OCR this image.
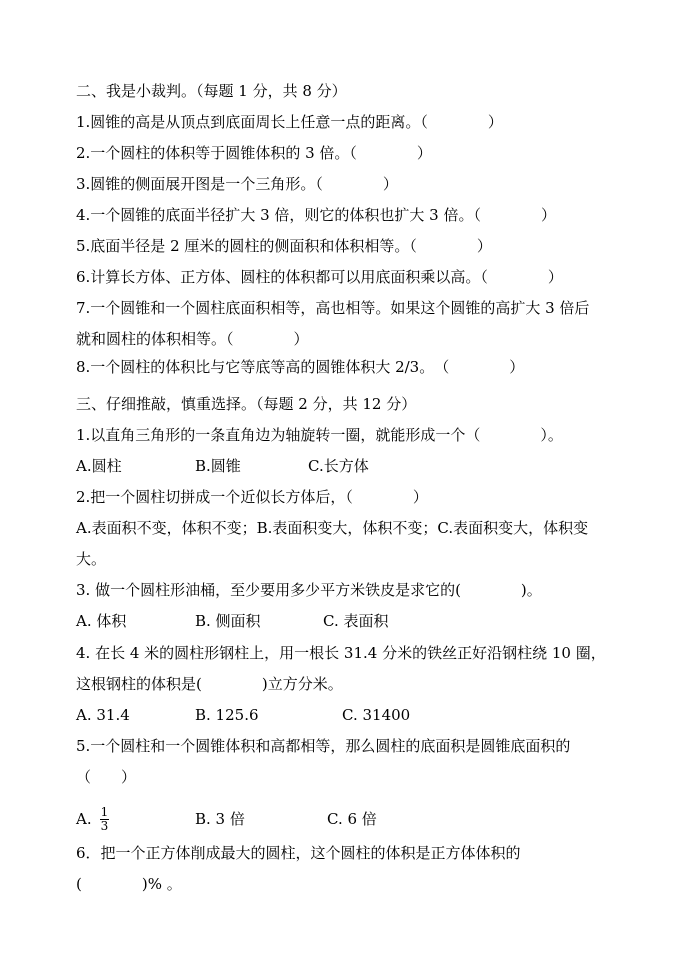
二、我是小裁判。（每题 1 分，共 8 分）
1.圆锥的高是从顶点到底面周长上任意一点的距离。（　　　　）
2.一个圆柱的体积等于圆锥体积的 3 倍。（　　　　）
3.圆锥的侧面展开图是一个三角形。（　　　　）
4.一个圆锥的底面半径扩大 3 倍，则它的体积也扩大 3 倍。（　　　　）
5.底面半径是 2 厘米的圆柱的侧面积和体积相等。（　　　　）
6.计算长方体、正方体、圆柱的体积都可以用底面积乘以高。（　　　　）
7.一个圆锥和一个圆柱底面积相等，高也相等。如果这个圆锥的高扩大 3 倍后
就和圆柱的体积相等。（　　　　）
8.一个圆柱的体积比与它等底等高的圆锥体积大 2/3。　（　　　　）
三、仔细推敲，慎重选择。（每题 2 分，共 12 分）
1.以直角三角形的一条直角边为轴旋转一圈，就能形成一个（　　　　）。
A.圆柱	B.圆锥	C.长方体
2.把一个圆柱切拼成一个近似长方体后，（　　　　）
A.表面积不变，体积不变；B.表面积变大，体积不变；C.表面积变大，体积变
大。
3. 做一个圆柱形油桶，至少要用多少平方米铁皮是求它的(　　　　)。
A. 体积	B. 侧面积	C. 表面积
4. 在长 4 米的圆柱形钢柱上，用一根长 31.4 分米的铁丝正好沿钢柱绕 10 圈，
这根钢柱的体积是(　　　　)立方分米。
A. 31.4	B. 125.6	C. 31400
5.一个圆柱和一个圆锥体积和高都相等，那么圆柱的底面积是圆锥底面积的
（　　）
A. $\frac{1}{3}$	B. 3 倍	C. 6 倍
6．把一个正方体削成最大的圆柱，这个圆柱的体积是正方体体积的
(　　　　)% 。
